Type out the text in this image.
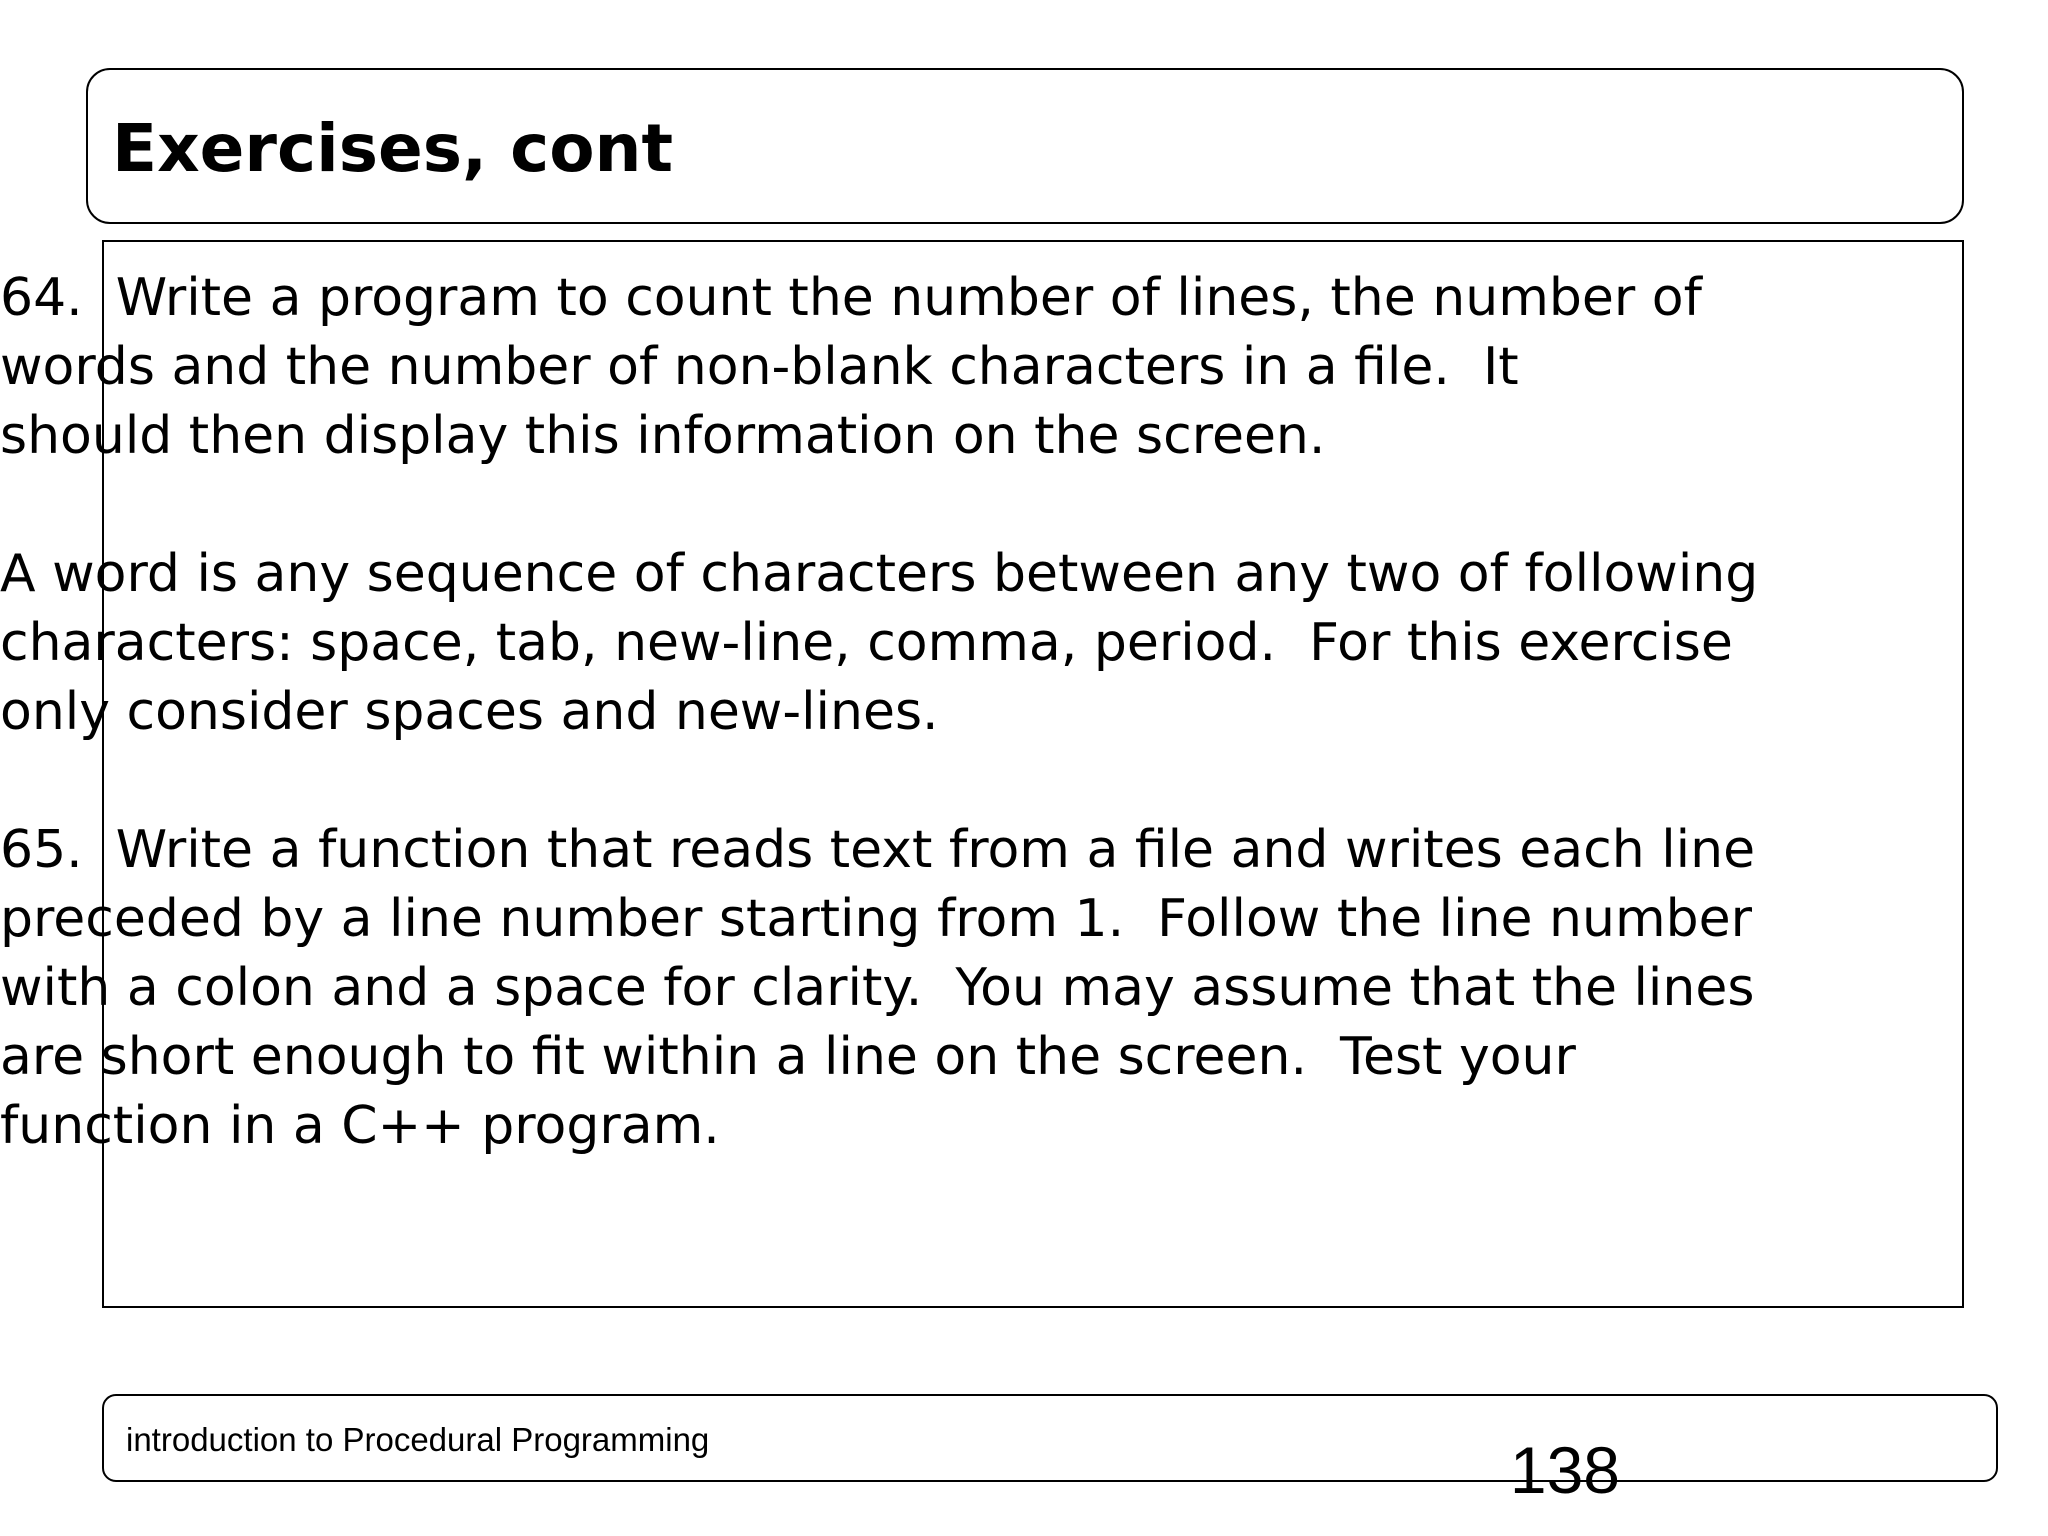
Exercises, cont
64.  Write a program to count the number of lines, the number of
words and the number of non-blank characters in a file.  It
should then display this information on the screen.
A word is any sequence of characters between any two of following
characters: space, tab, new-line, comma, period.  For this exercise
only consider spaces and new-lines.
65.  Write a function that reads text from a file and writes each line
preceded by a line number starting from 1.  Follow the line number
with a colon and a space for clarity.  You may assume that the lines
are short enough to fit within a line on the screen.  Test your
function in a C++ program.
introduction to Procedural Programming	138
